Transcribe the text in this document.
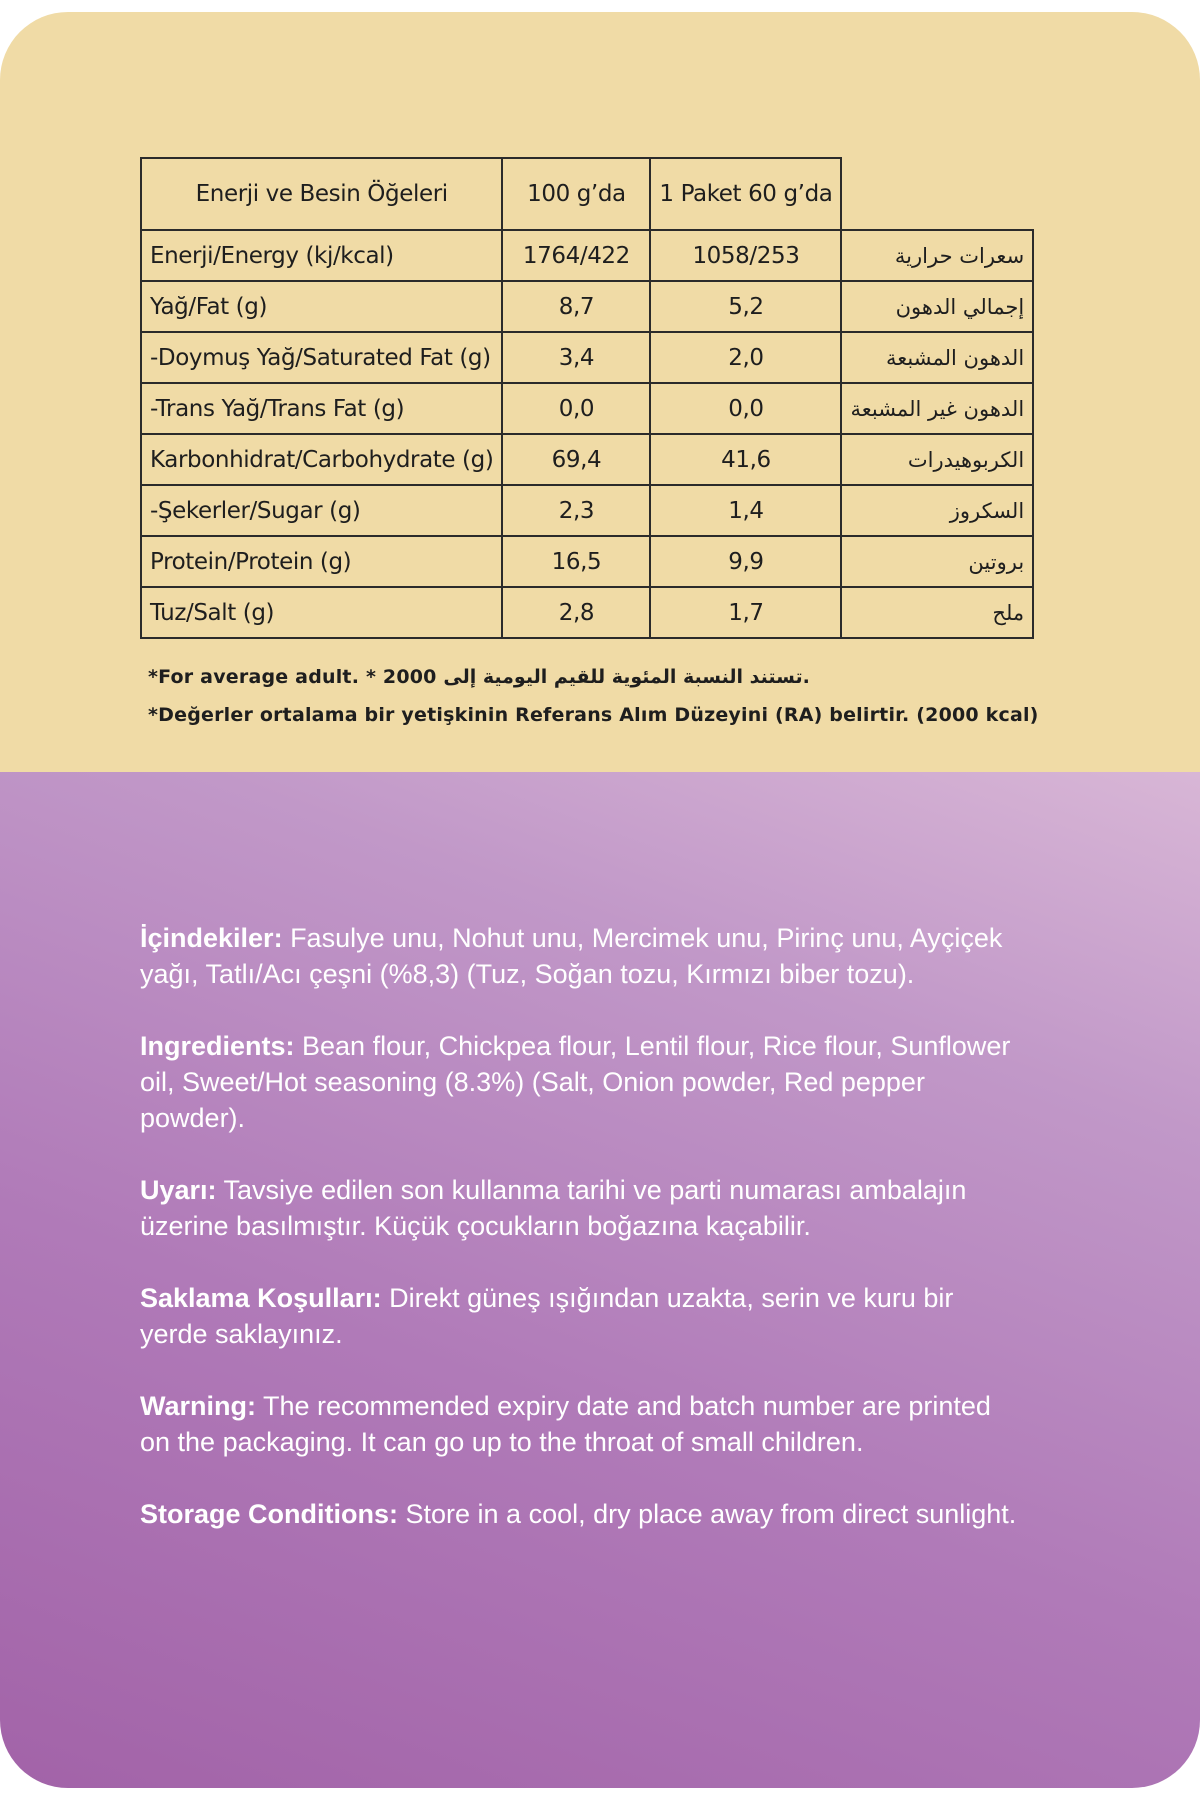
Enerji ve Besin Öğeleri	100 g’da	1 Paket 60 g’da	
Enerji/Energy (kj/kcal)	1764/422	1058/253	سعرات حرارية
Yağ/Fat (g)	8,7	5,2	إجمالي الدهون
-Doymuş Yağ/Saturated Fat (g)	3,4	2,0	الدهون المشبعة
-Trans Yağ/Trans Fat (g)	0,0	0,0	الدهون غير المشبعة
Karbonhidrat/Carbohydrate (g)	69,4	41,6	الكربوهيدرات
-Şekerler/Sugar (g)	2,3	1,4	السكروز
Protein/Protein (g)	16,5	9,9	بروتين
Tuz/Salt (g)	2,8	1,7	ملح
*For average adult. * 2000 تستند النسبة المئوية للقيم اليومية إلى.
*Değerler ortalama bir yetişkinin Referans Alım Düzeyini (RA) belirtir. (2000 kcal)

İçindekiler: Fasulye unu, Nohut unu, Mercimek unu, Pirinç unu, Ayçiçek yağı, Tatlı/Acı çeşni (%8,3) (Tuz, Soğan tozu, Kırmızı biber tozu).

Ingredients: Bean flour, Chickpea flour, Lentil flour, Rice flour, Sunflower oil, Sweet/Hot seasoning (8.3%) (Salt, Onion powder, Red pepper powder).

Uyarı: Tavsiye edilen son kullanma tarihi ve parti numarası ambalajın üzerine basılmıştır. Küçük çocukların boğazına kaçabilir.

Saklama Koşulları: Direkt güneş ışığından uzakta, serin ve kuru bir yerde saklayınız.

Warning: The recommended expiry date and batch number are printed on the packaging. It can go up to the throat of small children.

Storage Conditions: Store in a cool, dry place away from direct sunlight.
